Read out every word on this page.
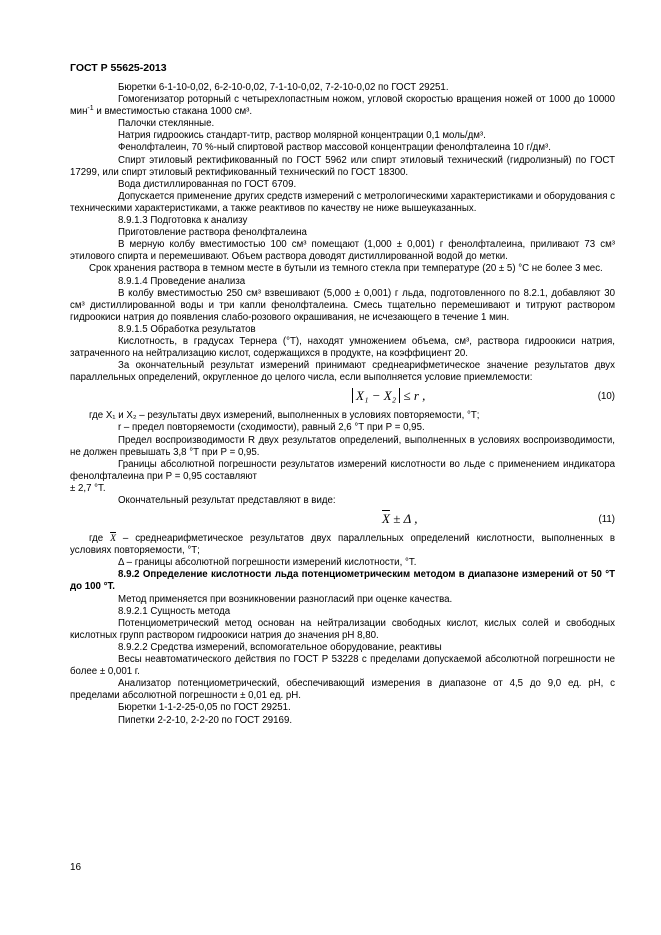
ГОСТ Р 55625-2013

Бюретки 6-1-10-0,02, 6-2-10-0,02, 7-1-10-0,02, 7-2-10-0,02 по ГОСТ 29251.

Гомогенизатор роторный с четырехлопастным ножом, угловой скоростью вращения ножей от 1000 до 10000 мин$^{-1}$ и вместимостью стакана 1000 см³.

Палочки стеклянные.

Натрия гидроокись стандарт-титр, раствор молярной концентрации 0,1 моль/дм³.

Фенолфталеин, 70 %-ный спиртовой раствор массовой концентрации фенолфталеина 10 г/дм³.

Спирт этиловый ректификованный по ГОСТ 5962 или спирт этиловый технический (гидролизный) по ГОСТ 17299, или спирт этиловый ректификованный технический по ГОСТ 18300.

Вода дистиллированная по ГОСТ 6709.

Допускается применение других средств измерений с метрологическими характеристиками и оборудования с техническими характеристиками, а также реактивов по качеству не ниже вышеуказанных.

8.9.1.3 Подготовка к анализу

Приготовление раствора фенолфталеина

В мерную колбу вместимостью 100 см³ помещают (1,000 ± 0,001) г фенолфталеина, приливают 73 см³ этилового спирта и перемешивают. Объем раствора доводят дистиллированной водой до метки.

Срок хранения раствора в темном месте в бутыли из темного стекла при температуре (20 ± 5) °С не более 3 мес.

8.9.1.4 Проведение анализа

В колбу вместимостью 250 см³ взвешивают (5,000 ± 0,001) г льда, подготовленного по 8.2.1, добавляют 30 см³ дистиллированной воды и три капли фенолфталеина. Смесь тщательно перемешивают и титруют раствором гидроокиси натрия до появления слабо-розового окрашивания, не исчезающего в течение 1 мин.

8.9.1.5 Обработка результатов

Кислотность, в градусах Тернера (°Т), находят умножением объема, см³, раствора гидроокиси натрия, затраченного на нейтрализацию кислот, содержащихся в продукте, на коэффициент 20.

За окончательный результат измерений принимают среднеарифметическое значение результатов двух параллельных определений, округленное до целого числа, если выполняется условие приемлемости:

X₁ − X₂ ≤ r ,	(10)

где X₁ и X₂ – результаты двух измерений, выполненных в условиях повторяемости, °Т;

r – предел повторяемости (сходимости), равный 2,6 °Т при Р = 0,95.

Предел воспроизводимости R двух результатов определений, выполненных в условиях воспроизводимости, не должен превышать 3,8 °Т при Р = 0,95.

Границы абсолютной погрешности результатов измерений кислотности во льде с применением индикатора фенолфталеина при Р = 0,95 составляют

± 2,7 °Т.

Окончательный результат представляют в виде:

$\overline{X} \pm \Delta$ ,	(11)

где $\overline{X}$ – среднеарифметическое результатов двух параллельных определений кислотности, выполненных в условиях повторяемости, °Т;

Δ – границы абсолютной погрешности измерений кислотности, °Т.

8.9.2 Определение кислотности льда потенциометрическим методом в диапазоне измерений от 50 °Т до 100 °Т.

Метод применяется при возникновении разногласий при оценке качества.

8.9.2.1 Сущность метода

Потенциометрический метод основан на нейтрализации свободных кислот, кислых солей и свободных кислотных групп раствором гидроокиси натрия до значения рН 8,80.

8.9.2.2 Средства измерений, вспомогательное оборудование, реактивы

Весы неавтоматического действия по ГОСТ Р 53228 с пределами допускаемой абсолютной погрешности не более ± 0,001 г.

Анализатор потенциометрический, обеспечивающий измерения в диапазоне от 4,5 до 9,0 ед. рН, с пределами абсолютной погрешности ± 0,01 ед. рН.

Бюретки 1-1-2-25-0,05 по ГОСТ 29251.

Пипетки 2-2-10, 2-2-20 по ГОСТ 29169.

16
